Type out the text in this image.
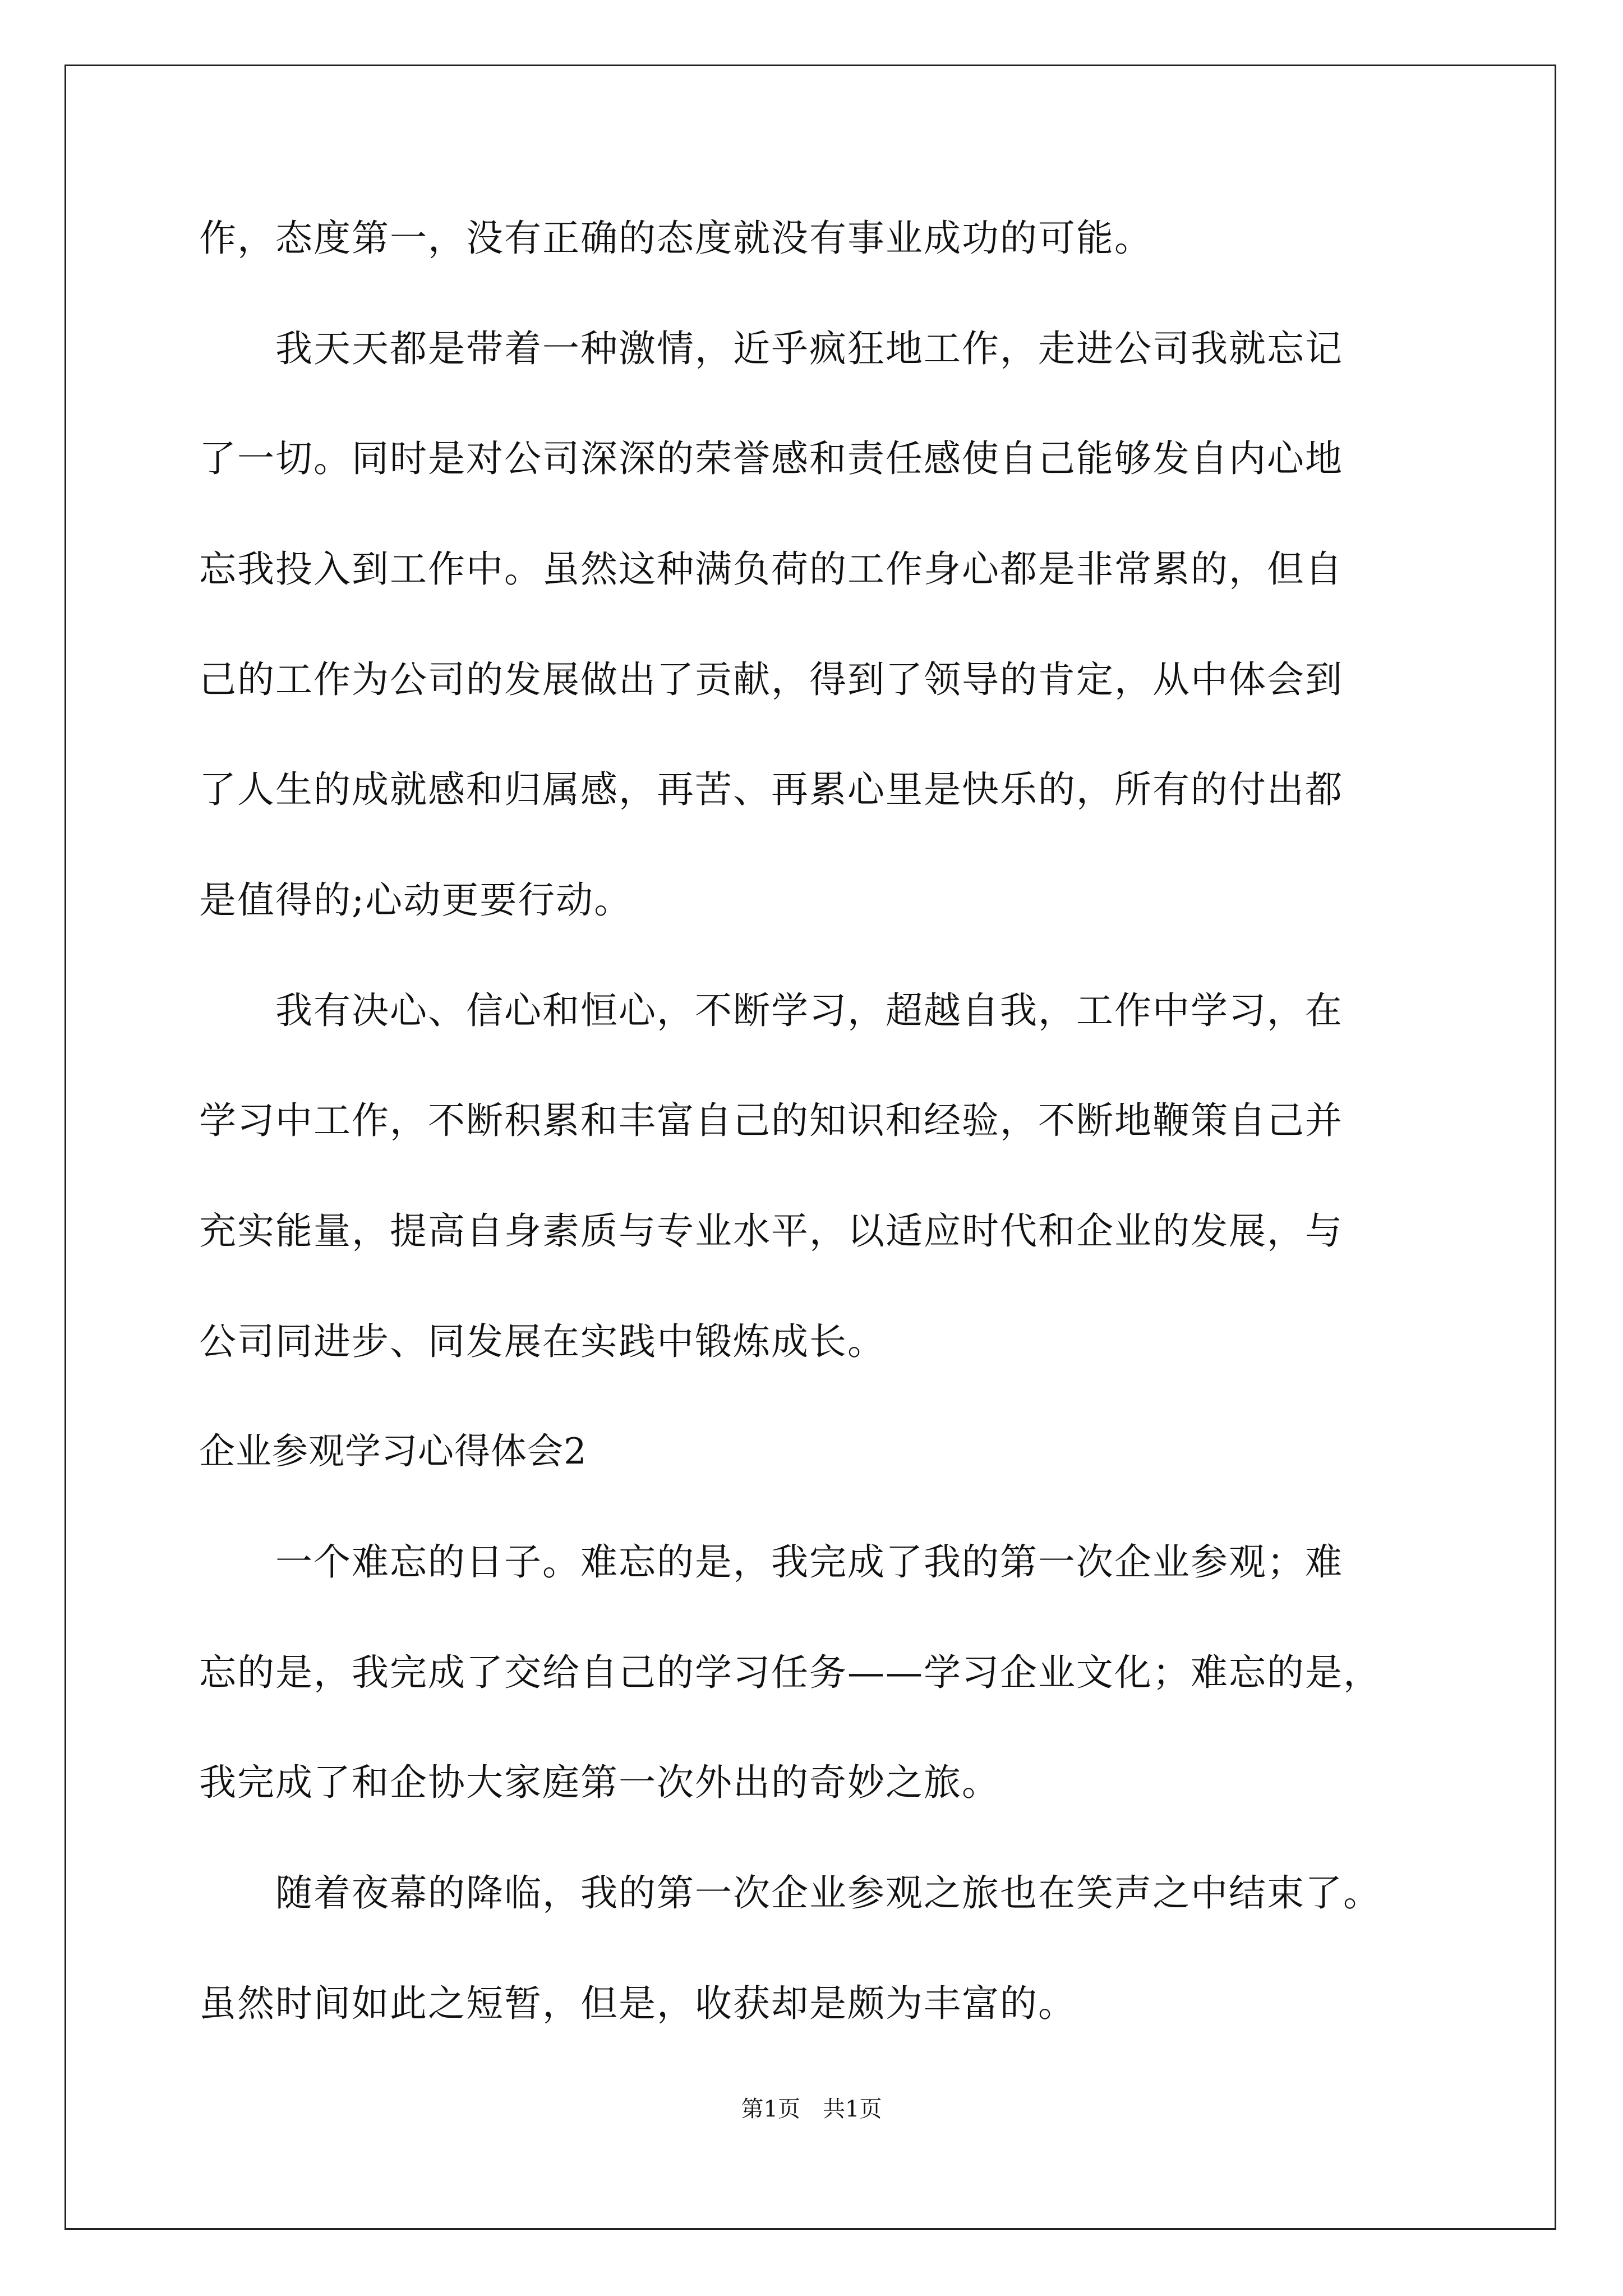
作，态度第一，没有正确的态度就没有事业成功的可能。
　　我天天都是带着一种激情，近乎疯狂地工作，走进公司我就忘记
了一切。同时是对公司深深的荣誉感和责任感使自己能够发自内心地
忘我投入到工作中。虽然这种满负荷的工作身心都是非常累的，但自
己的工作为公司的发展做出了贡献，得到了领导的肯定，从中体会到
了人生的成就感和归属感，再苦、再累心里是快乐的，所有的付出都
是值得的;心动更要行动。
　　我有决心、信心和恒心，不断学习，超越自我，工作中学习，在
学习中工作，不断积累和丰富自己的知识和经验，不断地鞭策自己并
充实能量，提高自身素质与专业水平，以适应时代和企业的发展，与
公司同进步、同发展在实践中锻炼成长。
企业参观学习心得体会2
　　一个难忘的日子。难忘的是，我完成了我的第一次企业参观；难
忘的是，我完成了交给自己的学习任务——学习企业文化；难忘的是，
我完成了和企协大家庭第一次外出的奇妙之旅。
　　随着夜幕的降临，我的第一次企业参观之旅也在笑声之中结束了。
虽然时间如此之短暂，但是，收获却是颇为丰富的。
第1页 共1页
